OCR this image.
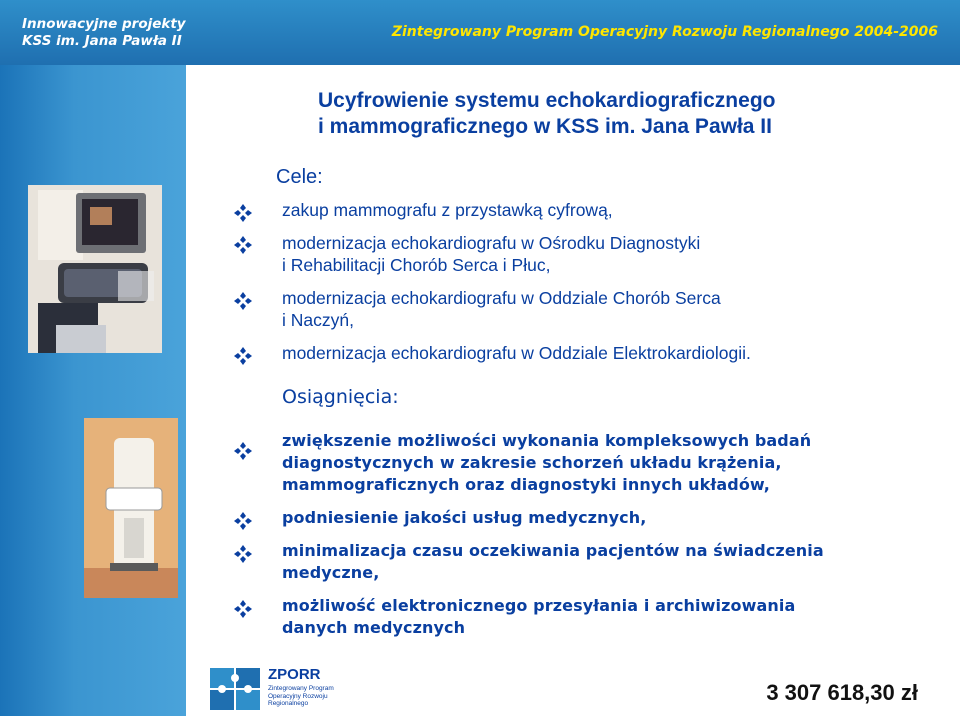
Innowacyjne projekty
KSS im. Jana Pawła II
Zintegrowany Program Operacyjny Rozwoju Regionalnego 2004-2006
Ucyfrowienie systemu echokardiograficznego
i mammograficznego w KSS im. Jana Pawła II
Cele:
zakup mammografu z przystawką cyfrową,
modernizacja echokardiografu w Ośrodku Diagnostyki
i Rehabilitacji Chorób Serca i Płuc,
modernizacja echokardiografu w Oddziale Chorób Serca
i Naczyń,
modernizacja echokardiografu w Oddziale Elektrokardiologii.
Osiągnięcia:
zwiększenie możliwości wykonania kompleksowych badań
diagnostycznych w zakresie schorzeń układu krążenia,
mammograficznych oraz diagnostyki innych układów,
podniesienie jakości usług medycznych,
minimalizacja czasu oczekiwania pacjentów na świadczenia
medyczne,
możliwość elektronicznego przesyłania i archiwizowania
danych medycznych
ZPORR
Zintegrowany Program Operacyjny Rozwoju Regionalnego	3 307 618,30 zł
